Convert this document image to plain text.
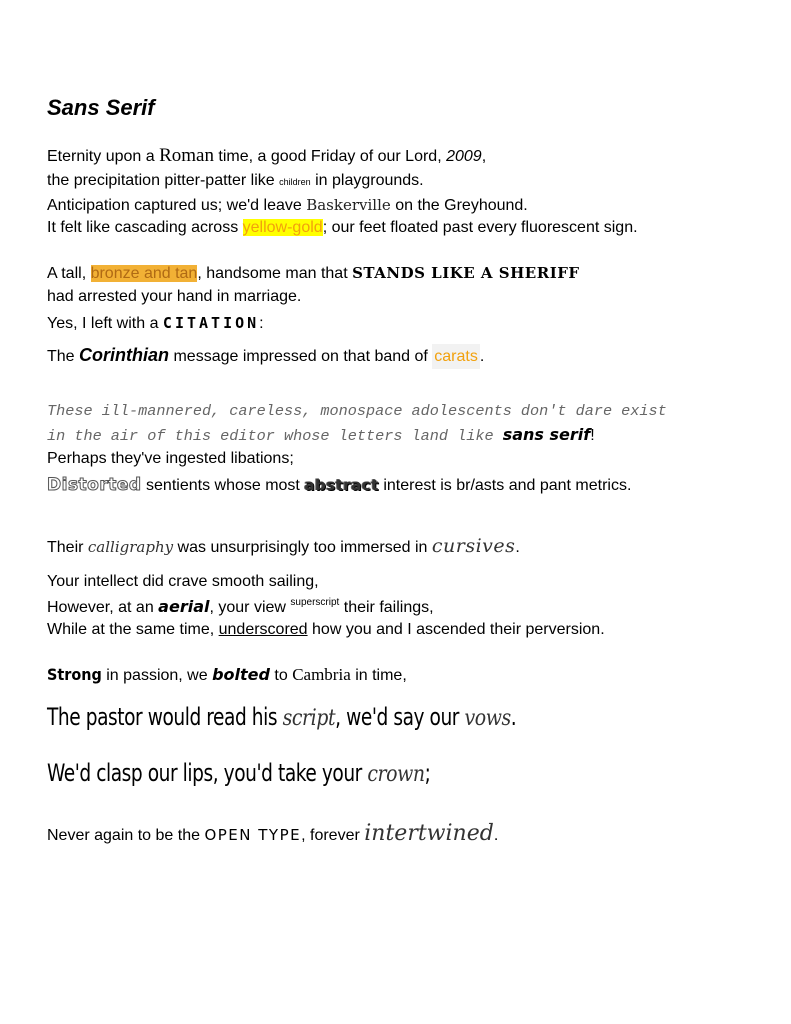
Sans Serif
Eternity upon a Roman time, a good Friday of our Lord, 2009,
the precipitation pitter-patter like children in playgrounds.
Anticipation captured us; we'd leave Baskerville on the Greyhound.
It felt like cascading across yellow-gold; our feet floated past every fluorescent sign.
A tall, bronze and tan, handsome man that STANDS LIKE A SHERIFF
had arrested your hand in marriage.
Yes, I left with a CITATION:
The Corinthian message impressed on that band of carats .
These ill-mannered, careless, monospace adolescents don't dare exist
in the air of this editor whose letters land like sans serif!
Perhaps they've ingested libations;
Distorted sentients whose most abstract interest is br/asts and pant metrics.
Their calligraphy was unsurprisingly too immersed in cursives.
Your intellect did crave smooth sailing,
However, at an aerial, your view $^{superscript}$ their failings,
While at the same time, underscored how you and I ascended their perversion.
Strong in passion, we bolted to Cambria in time,
The pastor would read his script, we'd say our vows.
We'd clasp our lips, you'd take your crown;
Never again to be the OPEN TYPE, forever intertwined.
